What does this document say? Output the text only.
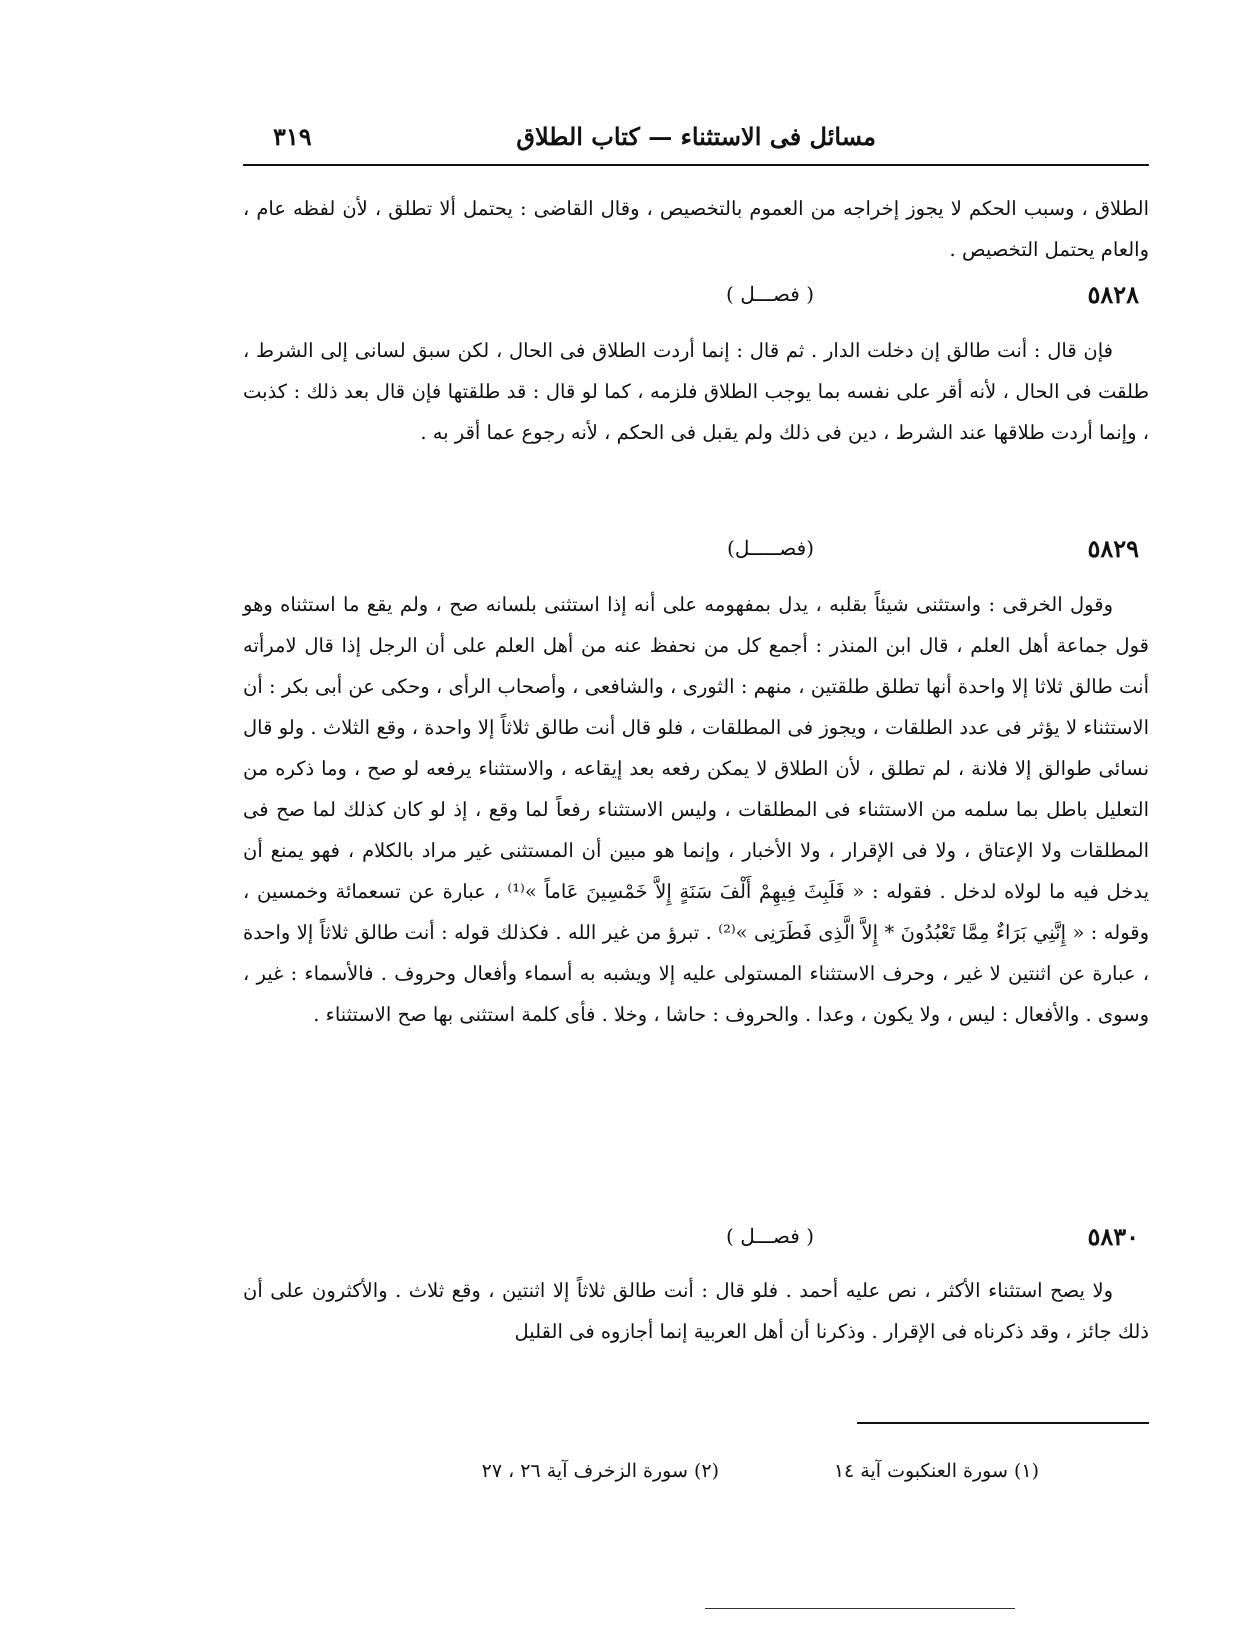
مسائل فى الاستثناء — كتاب الطلاق
٣١٩

الطلاق ، وسبب الحكم لا يجوز إخراجه من العموم بالتخصيص ، وقال القاضى : يحتمل ألا تطلق ، لأن لفظه عام ، والعام يحتمل التخصيص .

٥٨٢٨
( فصـــل )

فإن قال : أنت طالق إن دخلت الدار . ثم قال : إنما أردت الطلاق فى الحال ، لكن سبق لسانى إلى الشرط ، طلقت فى الحال ، لأنه أقر على نفسه بما يوجب الطلاق فلزمه ، كما لو قال : قد طلقتها فإن قال بعد ذلك : كذبت ، وإنما أردت طلاقها عند الشرط ، دين فى ذلك ولم يقبل فى الحكم ، لأنه رجوع عما أقر به .

٥٨٢٩
(فصـــــل)

وقول الخرقى : واستثنى شيئاً بقلبه ، يدل بمفهومه على أنه إذا استثنى بلسانه صح ، ولم يقع ما استثناه وهو قول جماعة أهل العلم ، قال ابن المنذر : أجمع كل من نحفظ عنه من أهل العلم على أن الرجل إذا قال لامرأته أنت طالق ثلاثا إلا واحدة أنها تطلق طلقتين ، منهم : الثورى ، والشافعى ، وأصحاب الرأى ، وحكى عن أبى بكر : أن الاستثناء لا يؤثر فى عدد الطلقات ، ويجوز فى المطلقات ، فلو قال أنت طالق ثلاثاً إلا واحدة ، وقع الثلاث . ولو قال نسائى طوالق إلا فلانة ، لم تطلق ، لأن الطلاق لا يمكن رفعه بعد إيقاعه ، والاستثناء يرفعه لو صح ، وما ذكره من التعليل باطل بما سلمه من الاستثناء فى المطلقات ، وليس الاستثناء رفعاً لما وقع ، إذ لو كان كذلك لما صح فى المطلقات ولا الإعتاق ، ولا فى الإقرار ، ولا الأخبار ، وإنما هو مبين أن المستثنى غير مراد بالكلام ، فهو يمنع أن يدخل فيه ما لولاه لدخل . فقوله : « فَلَبِثَ فِيهِمْ أَلْفَ سَنَةٍ إِلاَّ خَمْسِينَ عَاماً »⁽¹⁾ ، عبارة عن تسعمائة وخمسين ، وقوله : « إِنَّنِي بَرَاءٌ مِمَّا تَعْبُدُونَ * إِلاَّ الَّذِى فَطَرَنِى »⁽²⁾ . تبرؤ من غير الله . فكذلك قوله : أنت طالق ثلاثاً إلا واحدة ، عبارة عن اثنتين لا غير ، وحرف الاستثناء المستولى عليه إلا ويشبه به أسماء وأفعال وحروف . فالأسماء : غير ، وسوى . والأفعال : ليس ، ولا يكون ، وعدا . والحروف : حاشا ، وخلا . فأى كلمة استثنى بها صح الاستثناء .

٥٨٣٠
( فصـــل )

ولا يصح استثناء الأكثر ، نص عليه أحمد . فلو قال : أنت طالق ثلاثاً إلا اثنتين ، وقع ثلاث . والأكثرون على أن ذلك جائز ، وقد ذكرناه فى الإقرار . وذكرنا أن أهل العربية إنما أجازوه فى القليل

(١) سورة العنكبوت آية ١٤
(٢) سورة الزخرف آية ٢٦ ، ٢٧
